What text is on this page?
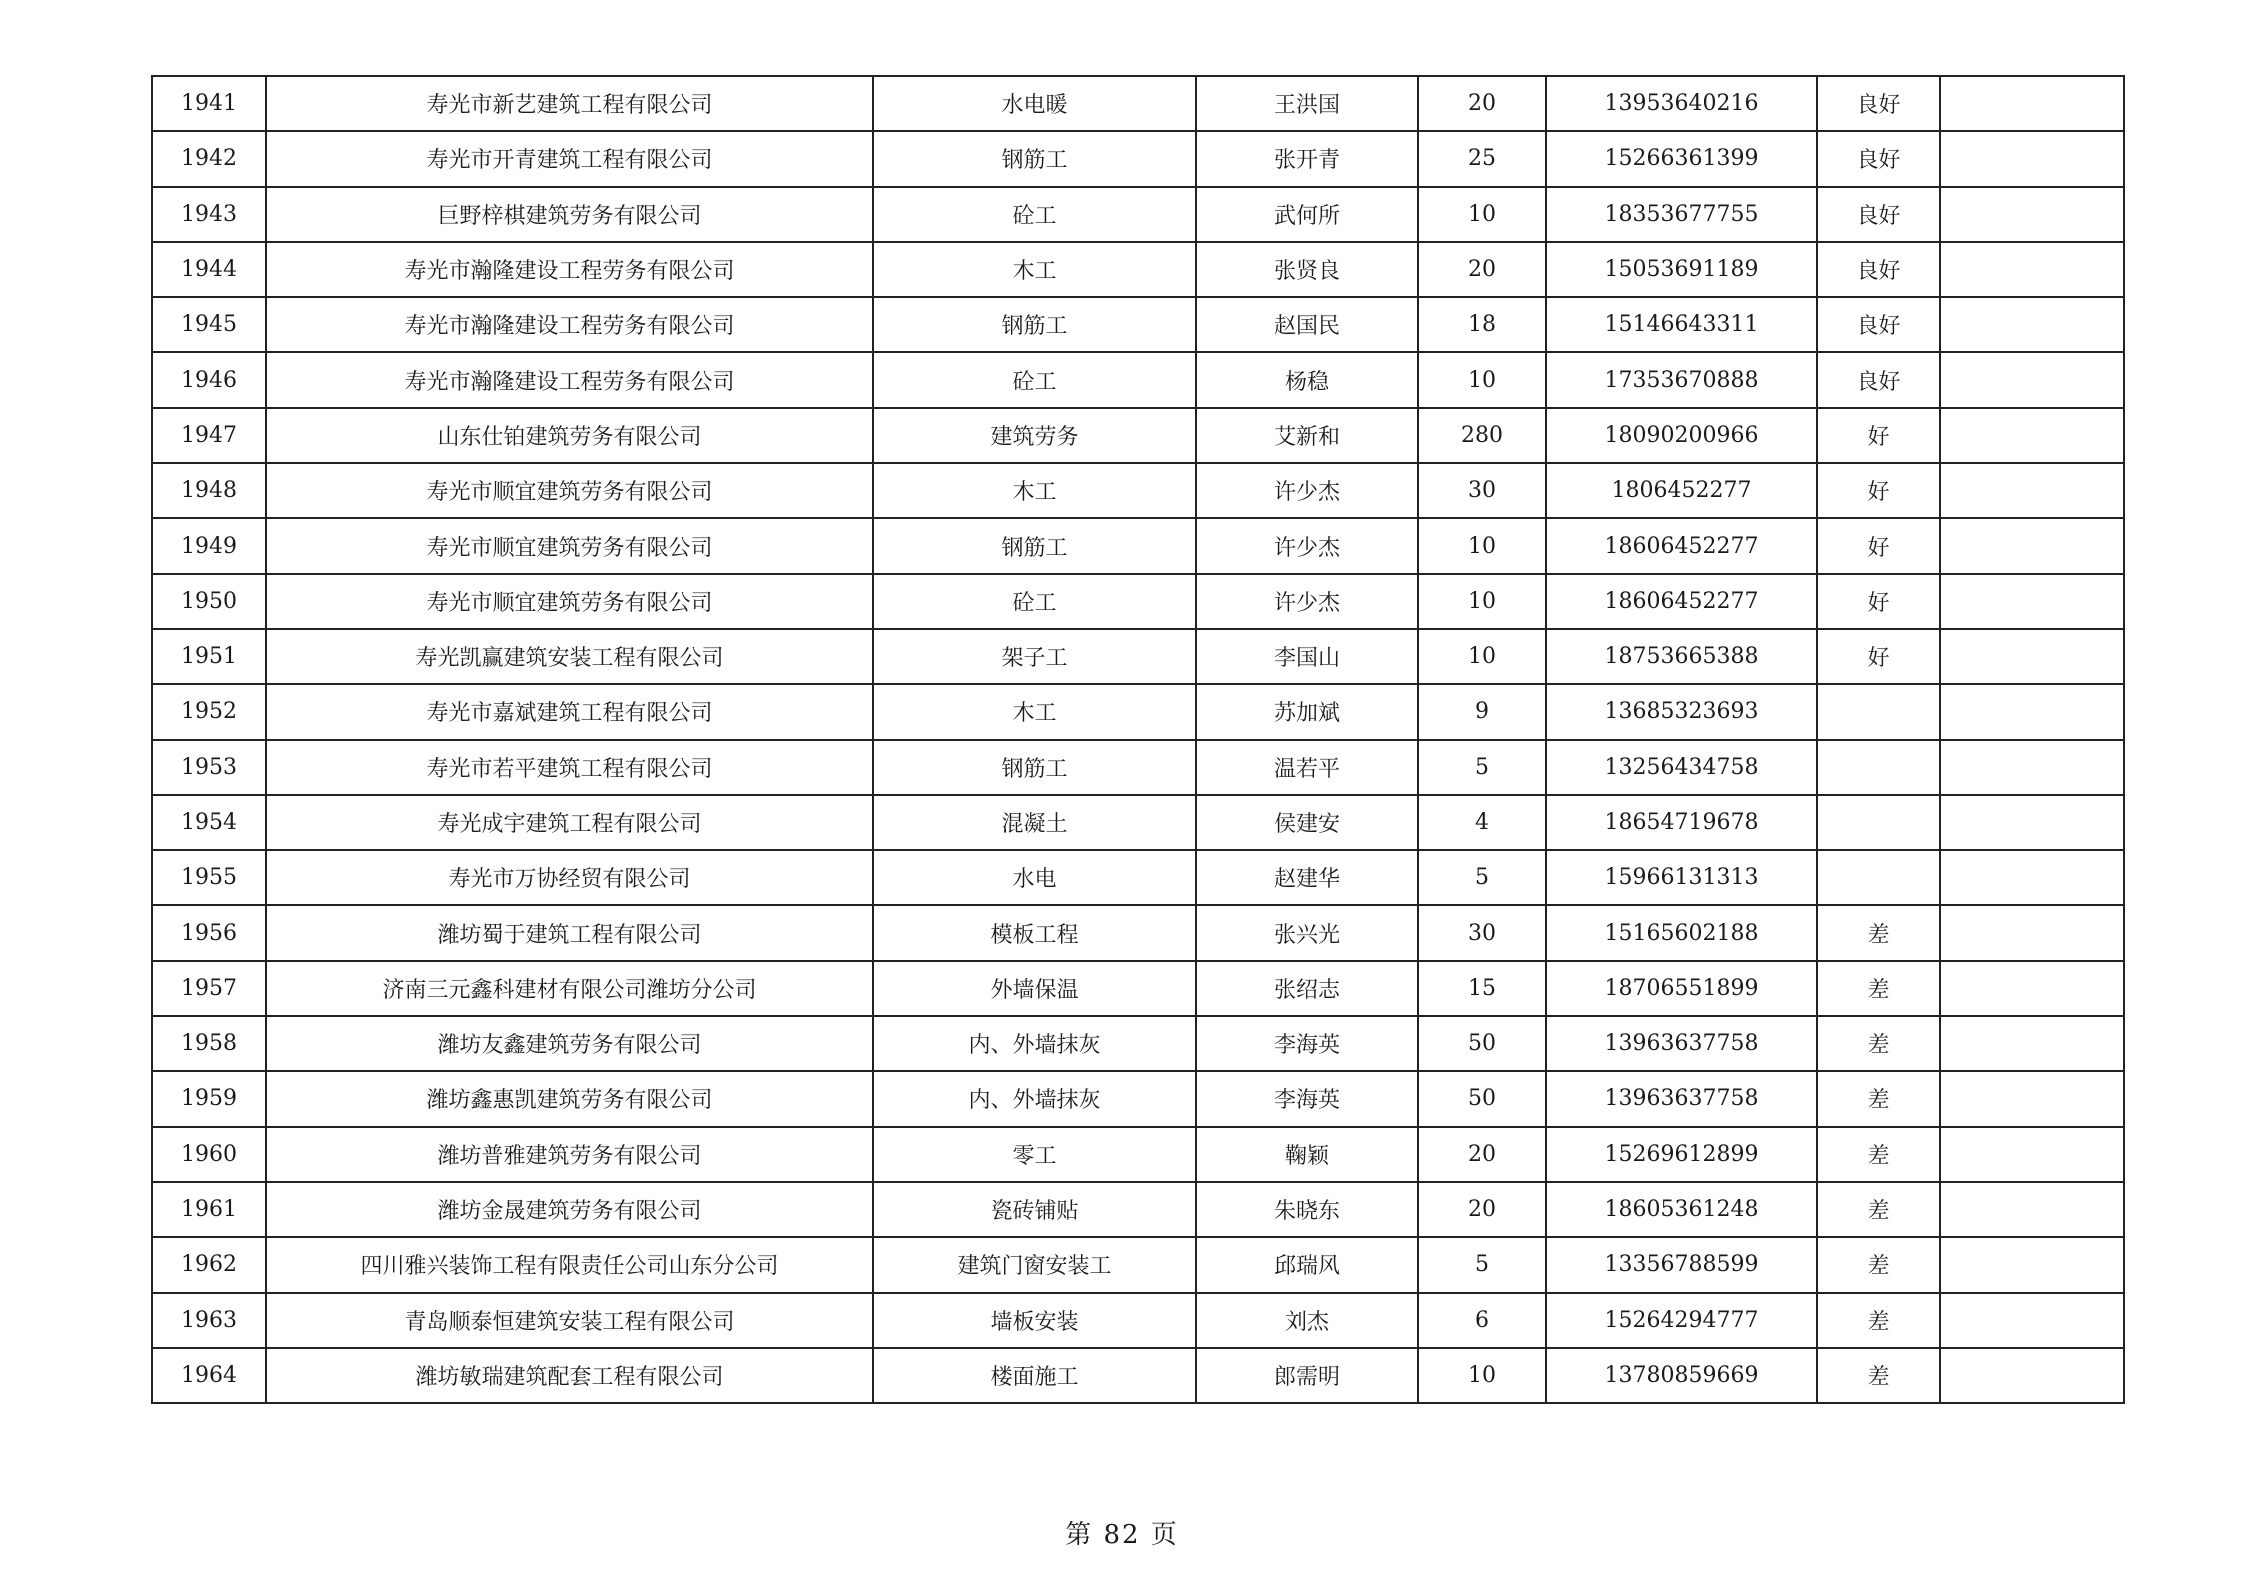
1941	寿光市新艺建筑工程有限公司	水电暖	王洪国	20	13953640216	良好	
1942	寿光市开青建筑工程有限公司	钢筋工	张开青	25	15266361399	良好	
1943	巨野梓棋建筑劳务有限公司	砼工	武何所	10	18353677755	良好	
1944	寿光市瀚隆建设工程劳务有限公司	木工	张贤良	20	15053691189	良好	
1945	寿光市瀚隆建设工程劳务有限公司	钢筋工	赵国民	18	15146643311	良好	
1946	寿光市瀚隆建设工程劳务有限公司	砼工	杨稳	10	17353670888	良好	
1947	山东仕铂建筑劳务有限公司	建筑劳务	艾新和	280	18090200966	好	
1948	寿光市顺宜建筑劳务有限公司	木工	许少杰	30	1806452277	好	
1949	寿光市顺宜建筑劳务有限公司	钢筋工	许少杰	10	18606452277	好	
1950	寿光市顺宜建筑劳务有限公司	砼工	许少杰	10	18606452277	好	
1951	寿光凯赢建筑安装工程有限公司	架子工	李国山	10	18753665388	好	
1952	寿光市嘉斌建筑工程有限公司	木工	苏加斌	9	13685323693		
1953	寿光市若平建筑工程有限公司	钢筋工	温若平	5	13256434758		
1954	寿光成宇建筑工程有限公司	混凝土	侯建安	4	18654719678		
1955	寿光市万协经贸有限公司	水电	赵建华	5	15966131313		
1956	潍坊蜀于建筑工程有限公司	模板工程	张兴光	30	15165602188	差	
1957	济南三元鑫科建材有限公司潍坊分公司	外墙保温	张绍志	15	18706551899	差	
1958	潍坊友鑫建筑劳务有限公司	内、外墙抹灰	李海英	50	13963637758	差	
1959	潍坊鑫惠凯建筑劳务有限公司	内、外墙抹灰	李海英	50	13963637758	差	
1960	潍坊普雅建筑劳务有限公司	零工	鞠颖	20	15269612899	差	
1961	潍坊金晟建筑劳务有限公司	瓷砖铺贴	朱晓东	20	18605361248	差	
1962	四川雅兴装饰工程有限责任公司山东分公司	建筑门窗安装工	邱瑞风	5	13356788599	差	
1963	青岛顺泰恒建筑安装工程有限公司	墙板安装	刘杰	6	15264294777	差	
1964	潍坊敏瑞建筑配套工程有限公司	楼面施工	郎需明	10	13780859669	差	
第 82 页
